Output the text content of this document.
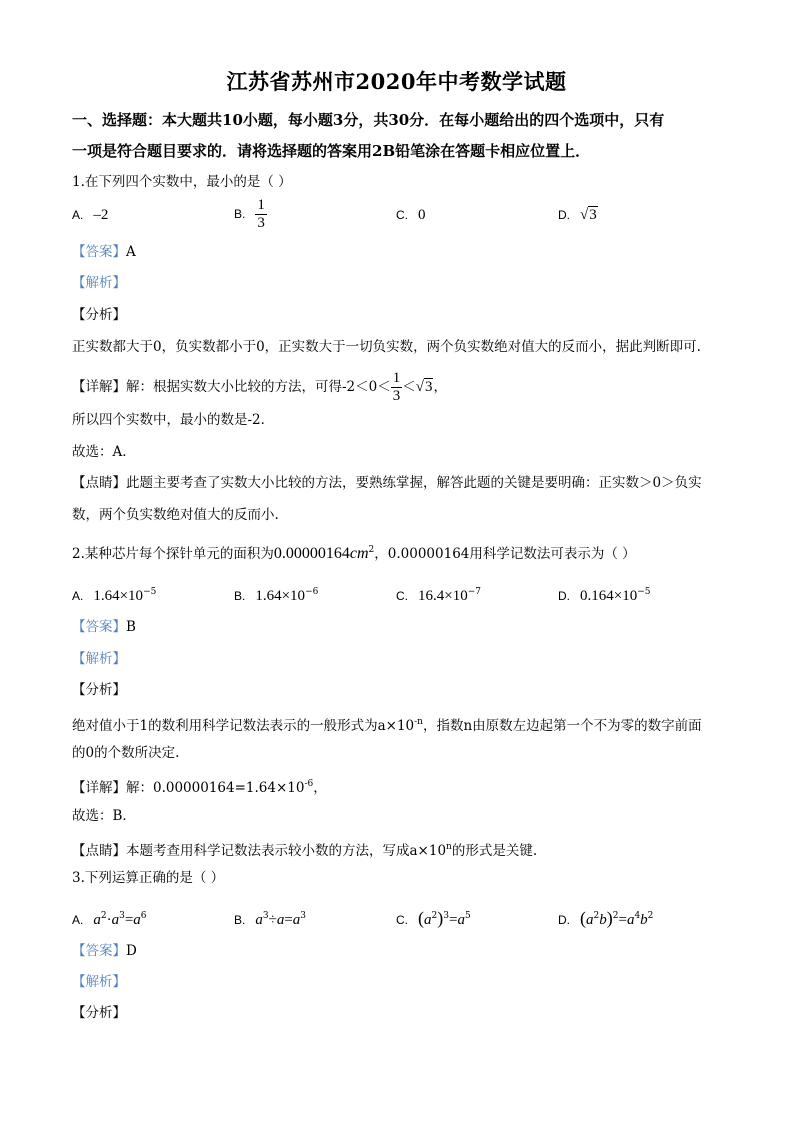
江苏省苏州市2020年中考数学试题
一、选择题：本大题共10小题，每小题3分，共30分．在每小题给出的四个选项中，只有
一项是符合题目要求的．请将选择题的答案用2B铅笔涂在答题卡相应位置上．
1.在下列四个实数中，最小的是（ ）
A. –2	B. $\frac{1}{3}$	C. 0	D. √3
【答案】A
【解析】
【分析】
正实数都大于0，负实数都小于0，正实数大于一切负实数，两个负实数绝对值大的反而小，据此判断即可.
【详解】解：根据实数大小比较的方法，可得$-2<0< \frac{1}{3} <√3$，
所以四个实数中，最小的数是-2．
故选：A．
【点睛】此题主要考查了实数大小比较的方法，要熟练掌握，解答此题的关键是要明确：正实数＞0＞负实
数，两个负实数绝对值大的反而小.
2.某种芯片每个探针单元的面积为$0.00000164cm^2$，0.00000164用科学记数法可表示为（ ）
A. $1.64\times 10^{-5}$	B. $1.64\times 10^{-6}$	C. $16.4\times 10^{-7}$	D. $0.164\times 10^{-5}$
【答案】B
【解析】
【分析】
绝对值小于1的数利用科学记数法表示的一般形式为$a\times 10^{-n}$，指数n由原数左边起第一个不为零的数字前面
的0的个数所决定.
【详解】解：$0.00000164=1.64\times 10^{-6}$，
故选：B．
【点睛】本题考查用科学记数法表示较小数的方法，写成$a\times 10^n$的形式是关键.
3.下列运算正确的是（ ）
A. $a^2\cdot a^3=a^6$	B. $a^3\div a=a^3$	C. $(a^2)^3=a^5$	D. $(a^2b)^2=a^4b^2$
【答案】D
【解析】
【分析】
